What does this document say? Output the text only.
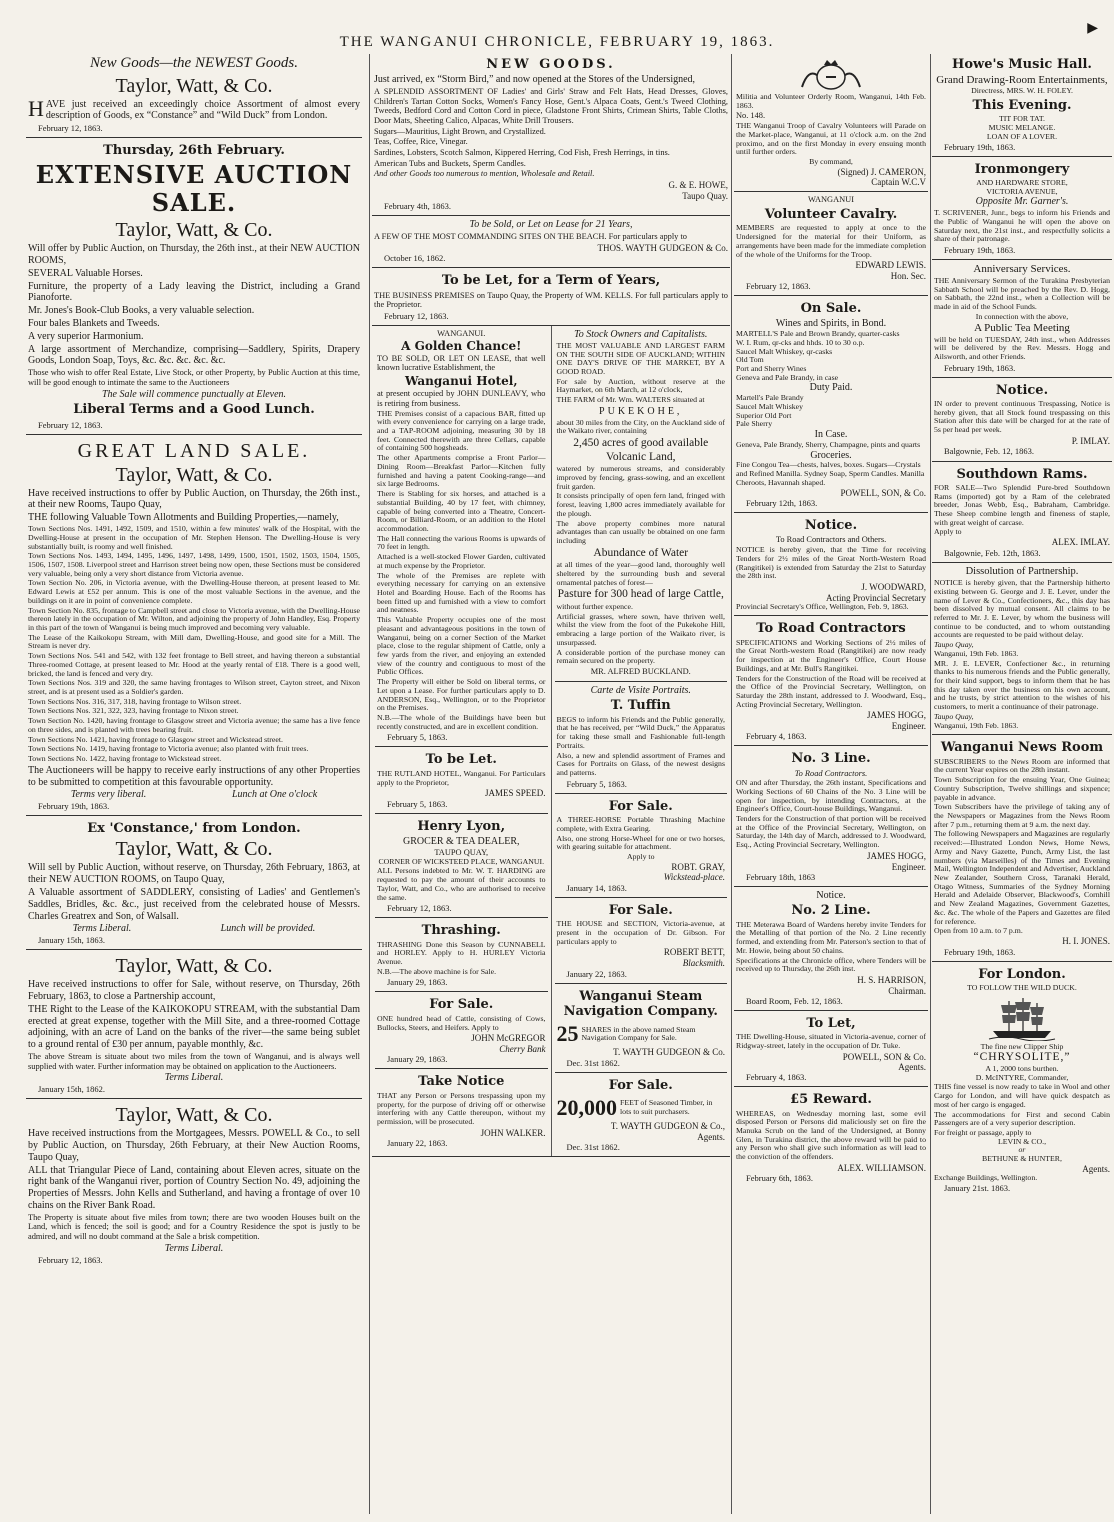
THE WANGANUI CHRONICLE, FEBRUARY 19, 1863.
▶
New Goods—the NEWEST Goods.
Taylor, Watt, & Co.

HAVE just received an exceedingly choice Assortment of almost every description of Goods, ex “Constance” and “Wild Duck” from London.

February 12, 1863.
Thursday, 26th February.
EXTENSIVE AUCTION SALE.
Taylor, Watt, & Co.

Will offer by Public Auction, on Thursday, the 26th inst., at their NEW AUCTION ROOMS,

SEVERAL Valuable Horses.

Furniture, the property of a Lady leaving the District, including a Grand Pianoforte.

Mr. Jones's Book-Club Books, a very valuable selection.

Four bales Blankets and Tweeds.

A very superior Harmonium.

A large assortment of Merchandize, comprising—Saddlery, Spirits, Drapery Goods, London Soap, Toys, &c. &c. &c. &c. &c.

Those who wish to offer Real Estate, Live Stock, or other Property, by Public Auction at this time, will be good enough to intimate the same to the Auctioneers

The Sale will commence punctually at Eleven.
Liberal Terms and a Good Lunch.
February 12, 1863.
GREAT LAND SALE.
Taylor, Watt, & Co.

Have received instructions to offer by Public Auction, on Thursday, the 26th inst., at their new Rooms, Taupo Quay,

THE following Valuable Town Allotments and Building Properties,—namely,

Town Sections Nos. 1491, 1492, 1509, and 1510, within a few minutes' walk of the Hospital, with the Dwelling-House at present in the occupation of Mr. Stephen Henson. The Dwelling-House is very substantially built, is roomy and well finished.

Town Sections Nos. 1493, 1494, 1495, 1496, 1497, 1498, 1499, 1500, 1501, 1502, 1503, 1504, 1505, 1506, 1507, 1508. Liverpool street and Harrison street being now open, these Sections must be considered very valuable, being only a very short distance from Victoria avenue.

Town Section No. 206, in Victoria avenue, with the Dwelling-House thereon, at present leased to Mr. Edward Lewis at £52 per annum. This is one of the most valuable Sections in the avenue, and the buildings on it are in point of convenience complete.

Town Section No. 835, frontage to Campbell street and close to Victoria avenue, with the Dwelling-House thereon lately in the occupation of Mr. Wilton, and adjoining the property of John Handley, Esq. Property in this part of the town of Wanganui is being much improved and becoming very valuable.

The Lease of the Kaikokopu Stream, with Mill dam, Dwelling-House, and good site for a Mill. The Stream is never dry.

Town Sections Nos. 541 and 542, with 132 feet frontage to Bell street, and having thereon a substantial Three-roomed Cottage, at present leased to Mr. Hood at the yearly rental of £18. There is a good well, bricked, the land is fenced and very dry.

Town Sections Nos. 319 and 320, the same having frontages to Wilson street, Cayton street, and Nixon street, and is at present used as a Soldier's garden.

Town Sections Nos. 316, 317, 318, having frontage to Wilson street.

Town Sections Nos. 321, 322, 323, having frontage to Nixon street.

Town Section No. 1420, having frontage to Glasgow street and Victoria avenue; the same has a live fence on three sides, and is planted with trees bearing fruit.

Town Sections No. 1421, having frontage to Glasgow street and Wickstead street.

Town Sections No. 1419, having frontage to Victoria avenue; also planted with fruit trees.

Town Sections No. 1422, having frontage to Wickstead street.

The Auctioneers will be happy to receive early instructions of any other Properties to be submitted to competition at this favourable opportunity.

Terms very liberal.	Lunch at One o'clock
February 19th, 1863.
Ex 'Constance,' from London.
Taylor, Watt, & Co.

Will sell by Public Auction, without reserve, on Thursday, 26th February, 1863, at their NEW AUCTION ROOMS, on Taupo Quay,

A Valuable assortment of SADDLERY, consisting of Ladies' and Gentlemen's Saddles, Bridles, &c. &c., just received from the celebrated house of Messrs. Charles Greatrex and Son, of Walsall.

Terms Liberal.	Lunch will be provided.
January 15th, 1863.
Taylor, Watt, & Co.

Have received instructions to offer for Sale, without reserve, on Thursday, 26th February, 1863, to close a Partnership account,

THE Right to the Lease of the KAIKOKOPU STREAM, with the substantial Dam erected at great expense, together with the Mill Site, and a three-roomed Cottage adjoining, with an acre of Land on the banks of the river—the same being sublet to a ground rental of £30 per annum, payable monthly, &c.

The above Stream is situate about two miles from the town of Wanganui, and is always well supplied with water. Further information may be obtained on application to the Auctioneers.

Terms Liberal.
January 15th, 1862.
Taylor, Watt, & Co.

Have received instructions from the Mortgagees, Messrs. POWELL & Co., to sell by Public Auction, on Thursday, 26th February, at their New Auction Rooms, Taupo Quay,

ALL that Triangular Piece of Land, containing about Eleven acres, situate on the right bank of the Wanganui river, portion of Country Section No. 49, adjoining the Properties of Messrs. John Kells and Sutherland, and having a frontage of over 10 chains on the River Bank Road.

The Property is situate about five miles from town; there are two wooden Houses built on the Land, which is fenced; the soil is good; and for a Country Residence the spot is justly to be admired, and will no doubt command at the Sale a brisk competition.

Terms Liberal.
February 12, 1863.
NEW GOODS.

Just arrived, ex “Storm Bird,” and now opened at the Stores of the Undersigned,

A SPLENDID ASSORTMENT OF Ladies' and Girls' Straw and Felt Hats, Head Dresses, Gloves, Children's Tartan Cotton Socks, Women's Fancy Hose, Gent.'s Alpaca Coats, Gent.'s Tweed Clothing, Tweeds, Bedford Cord and Cotton Cord in piece, Gladstone Front Shirts, Crimean Shirts, Table Cloths, Door Mats, Sheeting Calico, Alpacas, White Drill Trousers.

Sugars—Mauritius, Light Brown, and Crystallized.

Teas, Coffee, Rice, Vinegar.

Sardines, Lobsters, Scotch Salmon, Kippered Herring, Cod Fish, Fresh Herrings, in tins.

American Tubs and Buckets, Sperm Candles.

And other Goods too numerous to mention, Wholesale and Retail.

G. & E. HOWE,
Taupo Quay.
February 4th, 1863.
To be Sold, or Let on Lease for 21 Years,

A FEW OF THE MOST COMMANDING SITES ON THE BEACH. For particulars apply to

THOS. WAYTH GUDGEON & Co.
October 16, 1862.
To be Let, for a Term of Years,

THE BUSINESS PREMISES on Taupo Quay, the Property of WM. KELLS. For full particulars apply to the Proprietor.

February 12, 1863.
WANGANUI.
A Golden Chance!

TO BE SOLD, OR LET ON LEASE, that well known lucrative Establishment, the

Wanganui Hotel,

at present occupied by JOHN DUNLEAVY, who is retiring from business.

THE Premises consist of a capacious BAR, fitted up with every convenience for carrying on a large trade, and a TAP-ROOM adjoining, measuring 30 by 18 feet. Connected therewith are three Cellars, capable of containing 500 hogsheads.

The other Apartments comprise a Front Parlor—Dining Room—Breakfast Parlor—Kitchen fully furnished and having a patent Cooking-range—and six large Bedrooms.

There is Stabling for six horses, and attached is a substantial Building, 40 by 17 feet, with chimney, capable of being converted into a Theatre, Concert-Room, or Billiard-Room, or an addition to the Hotel accommodation.

The Hall connecting the various Rooms is upwards of 70 feet in length.

Attached is a well-stocked Flower Garden, cultivated at much expense by the Proprietor.

The whole of the Premises are replete with everything necessary for carrying on an extensive Hotel and Boarding House. Each of the Rooms has been fitted up and furnished with a view to comfort and neatness.

This Valuable Property occupies one of the most pleasant and advantageous positions in the town of Wanganui, being on a corner Section of the Market place, close to the regular shipment of Cattle, only a few yards from the river, and enjoying an extended view of the country and contiguous to most of the Public Offices.

The Property will either be Sold on liberal terms, or Let upon a Lease. For further particulars apply to D. ANDERSON, Esq., Wellington, or to the Proprietor on the Premises.

N.B.—The whole of the Buildings have been but recently constructed, and are in excellent condition.

February 5, 1863.
To be Let.

THE RUTLAND HOTEL, Wanganui. For Particulars apply to the Proprietor,

JAMES SPEED.
February 5, 1863.
Henry Lyon,
GROCER & TEA DEALER,
TAUPO QUAY,
CORNER OF WICKSTEED PLACE, WANGANUI.

ALL Persons indebted to Mr. W. T. HARDING are requested to pay the amount of their accounts to Taylor, Watt, and Co., who are authorised to receive the same.

February 12, 1863.
Thrashing.

THRASHING Done this Season by CUNNABELL and HORLEY. Apply to H. HURLEY Victoria Avenue.

N.B.—The above machine is for Sale.

January 29, 1863.
For Sale.

ONE hundred head of Cattle, consisting of Cows, Bullocks, Steers, and Heifers. Apply to

JOHN McGREGOR
Cherry Bank
January 29, 1863.
Take Notice

THAT any Person or Persons trespassing upon my property, for the purpose of driving off or otherwise interfering with any Cattle thereupon, without my permission, will be prosecuted.

JOHN WALKER.
January 22, 1863.
To Stock Owners and Capitalists.

THE MOST VALUABLE AND LARGEST FARM ON THE SOUTH SIDE OF AUCKLAND; WITHIN ONE DAY'S DRIVE OF THE MARKET, BY A GOOD ROAD.

For sale by Auction, without reserve at the Haymarket, on 6th March, at 12 o'clock,

THE FARM of Mr. Wm. WALTERS situated at

PUKEKOHE,

about 30 miles from the City, on the Auckland side of the Waikato river, containing

2,450 acres of good available Volcanic Land,

watered by numerous streams, and considerably improved by fencing, grass-sowing, and an excellent fruit garden.

It consists principally of open fern land, fringed with forest, leaving 1,800 acres immediately available for the plough.

The above property combines more natural advantages than can usually be obtained on one farm including

Abundance of Water

at all times of the year—good land, thoroughly well sheltered by the surrounding bush and several ornamental patches of forest—

Pasture for 300 head of large Cattle,

without further expence.

Artificial grasses, where sown, have thriven well, whilst the view from the foot of the Pukekohe Hill, embracing a large portion of the Waikato river, is unsurpassed.

A considerable portion of the purchase money can remain secured on the property.

MR. ALFRED BUCKLAND.
Carte de Visite Portraits.
T. Tuffin

BEGS to inform his Friends and the Public generally, that he has received, per “Wild Duck,” the Apparatus for taking these small and Fashionable full-length Portraits.

Also, a new and splendid assortment of Frames and Cases for Portraits on Glass, of the newest designs and patterns.

February 5, 1863.
For Sale.

A THREE-HORSE Portable Thrashing Machine complete, with Extra Gearing.

Also, one strong Horse-Wheel for one or two horses, with gearing suitable for attachment.

Apply to
ROBT. GRAY,
Wickstead-place.
January 14, 1863.
For Sale.

THE HOUSE and SECTION, Victoria-avenue, at present in the occupation of Dr. Gibson. For particulars apply to

ROBERT BETT,
Blacksmith.
January 22, 1863.
Wanganui Steam Navigation Company.
25 SHARES in the above named Steam Navigation Company for Sale.
T. WAYTH GUDGEON & Co.
Dec. 31st 1862.
For Sale.
20,000 FEET of Seasoned Timber, in lots to suit purchasers.
T. WAYTH GUDGEON & Co.,
Agents.
Dec. 31st 1862.

Militia and Volunteer Orderly Room, Wanganui, 14th Feb. 1863.

No. 148.

THE Wanganui Troop of Cavalry Volunteers will Parade on the Market-place, Wanganui, at 11 o'clock a.m. on the 2nd proximo, and on the first Monday in every ensuing month until further orders.

By command,
(Signed) J. CAMERON,
Captain W.C.V
WANGANUI
Volunteer Cavalry.

MEMBERS are requested to apply at once to the Undersigned for the material for their Uniform, as arrangements have been made for the immediate completion of the whole of the Uniforms for the Troop.

EDWARD LEWIS.
Hon. Sec.
February 12, 1863.
On Sale.
Wines and Spirits, in Bond.
MARTELL'S Pale and Brown Brandy, quarter-casks
W. I. Rum, qr-cks and hhds. 10 to 30 o.p.
Saucel Malt Whiskey, qr-casks
Old Tom
Port and Sherry Wines
Geneva and Pale Brandy, in case
Duty Paid.
Martell's Pale Brandy
Saucel Malt Whiskey
Superior Old Port
Pale Sherry
In Case.
Geneva, Pale Brandy, Sherry, Champagne, pints and quarts
Groceries.
Fine Congou Tea—chests, halves, boxes. Sugars—Crystals and Refined Manilla. Sydney Soap, Sperm Candles. Manilla Cheroots, Havannah shaped.
POWELL, SON, & Co.
February 12th, 1863.
Notice.
To Road Contractors and Others.

NOTICE is hereby given, that the Time for receiving Tenders for 2½ miles of the Great North-Western Road (Rangitikei) is extended from Saturday the 21st to Saturday the 28th inst.

J. WOODWARD,
Acting Provincial Secretary
Provincial Secretary's Office, Wellington, Feb. 9, 1863.
To Road Contractors

SPECIFICATIONS and Working Sections of 2½ miles of the Great North-western Road (Rangitikei) are now ready for inspection at the Engineer's Office, Court House Buildings, and at Mr. Bull's Rangitikei.

Tenders for the Construction of the Road will be received at the Office of the Provincial Secretary, Wellington, on Saturday the 28th instant, addressed to J. Woodward, Esq., Acting Provincial Secretary, Wellington.

JAMES HOGG,
Engineer.
February 4, 1863.
No. 3 Line.
To Road Contractors.

ON and after Thursday, the 26th instant, Specifications and Working Sections of 60 Chains of the No. 3 Line will be open for inspection, by intending Contractors, at the Engineer's Office, Court-house Buildings, Wanganui.

Tenders for the Construction of that portion will be received at the Office of the Provincial Secretary, Wellington, on Saturday, the 14th day of March, addressed to J. Woodward, Esq., Acting Provincial Secretary, Wellington.

JAMES HOGG,
Engineer.
February 18th, 1863
Notice.
No. 2 Line.

THE Meterawa Board of Wardens hereby invite Tenders for the Metalling of that portion of the No. 2 Line recently formed, and extending from Mr. Paterson's section to that of Mr. Howie, being about 50 chains.

Specifications at the Chronicle office, where Tenders will be received up to Thursday, the 26th inst.

H. S. HARRISON,
Chairman.
Board Room, Feb. 12, 1863.
To Let,

THE Dwelling-House, situated in Victoria-avenue, corner of Ridgway-street, lately in the occupation of Dr. Tuke.

POWELL, SON & Co.
Agents.
February 4, 1863.
£5 Reward.

WHEREAS, on Wednesday morning last, some evil disposed Person or Persons did maliciously set on fire the Manuka Scrub on the land of the Undersigned, at Bonny Glen, in Turakina district, the above reward will be paid to any Person who shall give such information as will lead to the conviction of the offenders.

ALEX. WILLIAMSON.
February 6th, 1863.
Howe's Music Hall.
Grand Drawing-Room Entertainments,
Directress, MRS. W. H. FOLEY.
This Evening.
TIT FOR TAT.
MUSIC MELANGE.
LOAN OF A LOVER.
February 19th, 1863.
Ironmongery
AND HARDWARE STORE,
VICTORIA AVENUE,
Opposite Mr. Garner's.

T. SCRIVENER, Junr., begs to inform his Friends and the Public of Wanganui he will open the above on Saturday next, the 21st inst., and respectfully solicits a share of their patronage.

February 19th, 1863.
Anniversary Services.

THE Anniversary Sermon of the Turakina Presbyterian Sabbath School will be preached by the Rev. D. Hogg, on Sabbath, the 22nd inst., when a Collection will be made in aid of the School Funds.

In connection with the above,
A Public Tea Meeting

will be held on TUESDAY, 24th inst., when Addresses will be delivered by the Rev. Messrs. Hogg and Ailsworth, and other Friends.

February 19th, 1863.
Notice.

IN order to prevent continuous Trespassing, Notice is hereby given, that all Stock found trespassing on this Station after this date will be charged for at the rate of 5s per head per week.

P. IMLAY.
Balgownie, Feb. 12, 1863.
Southdown Rams.

FOR SALE—Two Splendid Pure-bred Southdown Rams (imported) got by a Ram of the celebrated breeder, Jonas Webb, Esq., Babraham, Cambridge. These Sheep combine length and fineness of staple, with great weight of carcase.

Apply to
ALEX. IMLAY.
Balgownie, Feb. 12th, 1863.
Dissolution of Partnership.

NOTICE is hereby given, that the Partnership hitherto existing between G. George and J. E. Lever, under the name of Lever & Co., Confectioners, &c., this day has been dissolved by mutual consent. All claims to be referred to Mr. J. E. Lever, by whom the business will continue to be conducted, and to whom outstanding accounts are requested to be paid without delay.

Taupo Quay,
Wanganui, 19th Feb. 1863.

MR. J. E. LEVER, Confectioner &c., in returning thanks to his numerous friends and the Public generally, for their kind support, begs to inform them that he has this day taken over the business on his own account, and he trusts, by strict attention to the wishes of his customers, to merit a continuance of their patronage.

Taupo Quay,
Wanganui, 19th Feb. 1863.
Wanganui News Room

SUBSCRIBERS to the News Room are informed that the current Year expires on the 28th instant.

Town Subscription for the ensuing Year, One Guinea; Country Subscription, Twelve shillings and sixpence; payable in advance.

Town Subscribers have the privilege of taking any of the Newspapers or Magazines from the News Room after 7 p.m., returning them at 9 a.m. the next day.

The following Newspapers and Magazines are regularly received:—Illustrated London News, Home News, Army and Navy Gazette, Punch, Army List, the last numbers (via Marseilles) of the Times and Evening Mail, Wellington Independent and Advertiser, Auckland New Zealander, Southern Cross, Taranaki Herald, Otago Witness, Summaries of the Sydney Morning Herald and Adelaide Observer, Blackwood's, Cornhill and New Zealand Magazines, Government Gazettes, &c. &c. The whole of the Papers and Gazettes are filed for reference.

Open from 10 a.m. to 7 p.m.
H. I. JONES.
February 19th, 1863.
For London.
TO FOLLOW THE WILD DUCK.
The fine new Clipper Ship
“CHRYSOLITE,”
A 1, 2000 tons burthen.
D. McINTYRE, Commander,

THIS fine vessel is now ready to take in Wool and other Cargo for London, and will have quick despatch as most of her cargo is engaged.

The accommodations for First and second Cabin Passengers are of a very superior description.

For freight or passage, apply to
LEVIN & CO.,
or
BETHUNE & HUNTER,
Agents.
Exchange Buildings, Wellington.
January 21st. 1863.
